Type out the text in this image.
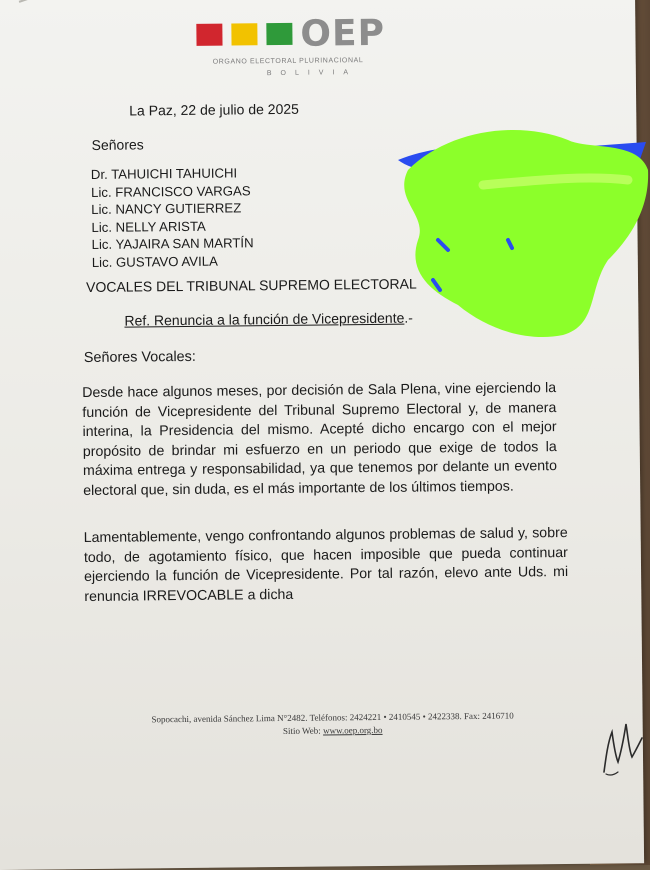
OEP
ORGANO ELECTORAL PLURINACIONAL
BOLIVIA
La Paz, 22 de julio de 2025
Señores
Dr. TAHUICHI TAHUICHI
Lic. FRANCISCO VARGAS
Lic. NANCY GUTIERREZ
Lic. NELLY ARISTA
Lic. YAJAIRA SAN MARTÍN
Lic. GUSTAVO AVILA
VOCALES DEL TRIBUNAL SUPREMO ELECTORAL
Ref. Renuncia a la función de Vicepresidente.-
Señores Vocales:
Desde hace algunos meses, por decisión de Sala Plena, vine ejerciendo la función de Vicepresidente del Tribunal Supremo Electoral y, de manera interina, la Presidencia del mismo. Acepté dicho encargo con el mejor propósito de brindar mi esfuerzo en un periodo que exige de todos la máxima entrega y responsabilidad, ya que tenemos por delante un evento electoral que, sin duda, es el más importante de los últimos tiempos.
Lamentablemente, vengo confrontando algunos problemas de salud y, sobre todo, de agotamiento físico, que hacen imposible que pueda continuar ejerciendo la función de Vicepresidente. Por tal razón, elevo ante Uds. mi renuncia IRREVOCABLE a dicha
Sopocachi, avenida Sánchez Lima N°2482. Teléfonos: 2424221 • 2410545 • 2422338. Fax: 2416710
Sitio Web: www.oep.org.bo
